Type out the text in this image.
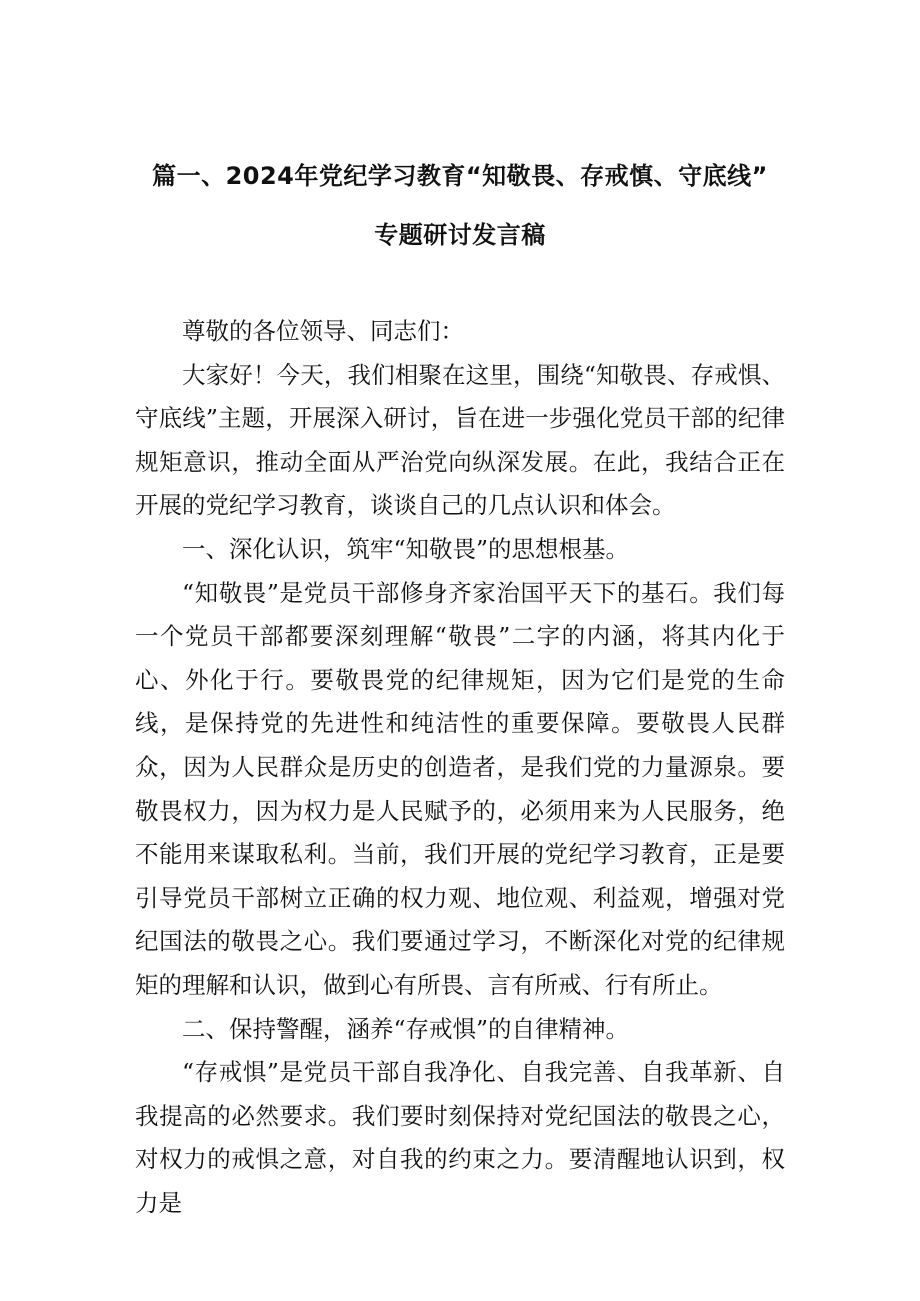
篇一、2024年党纪学习教育“知敬畏、存戒慎、守底线”
专题研讨发言稿

尊敬的各位领导、同志们：

大家好！今天，我们相聚在这里，围绕“知敬畏、存戒惧、守底线”主题，开展深入研讨，旨在进一步强化党员干部的纪律规矩意识，推动全面从严治党向纵深发展。在此，我结合正在开展的党纪学习教育，谈谈自己的几点认识和体会。

一、深化认识，筑牢“知敬畏”的思想根基。

“知敬畏”是党员干部修身齐家治国平天下的基石。我们每一个党员干部都要深刻理解“敬畏”二字的内涵，将其内化于心、外化于行。要敬畏党的纪律规矩，因为它们是党的生命线，是保持党的先进性和纯洁性的重要保障。要敬畏人民群众，因为人民群众是历史的创造者，是我们党的力量源泉。要敬畏权力，因为权力是人民赋予的，必须用来为人民服务，绝不能用来谋取私利。当前，我们开展的党纪学习教育，正是要引导党员干部树立正确的权力观、地位观、利益观，增强对党纪国法的敬畏之心。我们要通过学习，不断深化对党的纪律规矩的理解和认识，做到心有所畏、言有所戒、行有所止。

二、保持警醒，涵养“存戒惧”的自律精神。

“存戒惧”是党员干部自我净化、自我完善、自我革新、自我提高的必然要求。我们要时刻保持对党纪国法的敬畏之心，对权力的戒惧之意，对自我的约束之力。要清醒地认识到，权力是
